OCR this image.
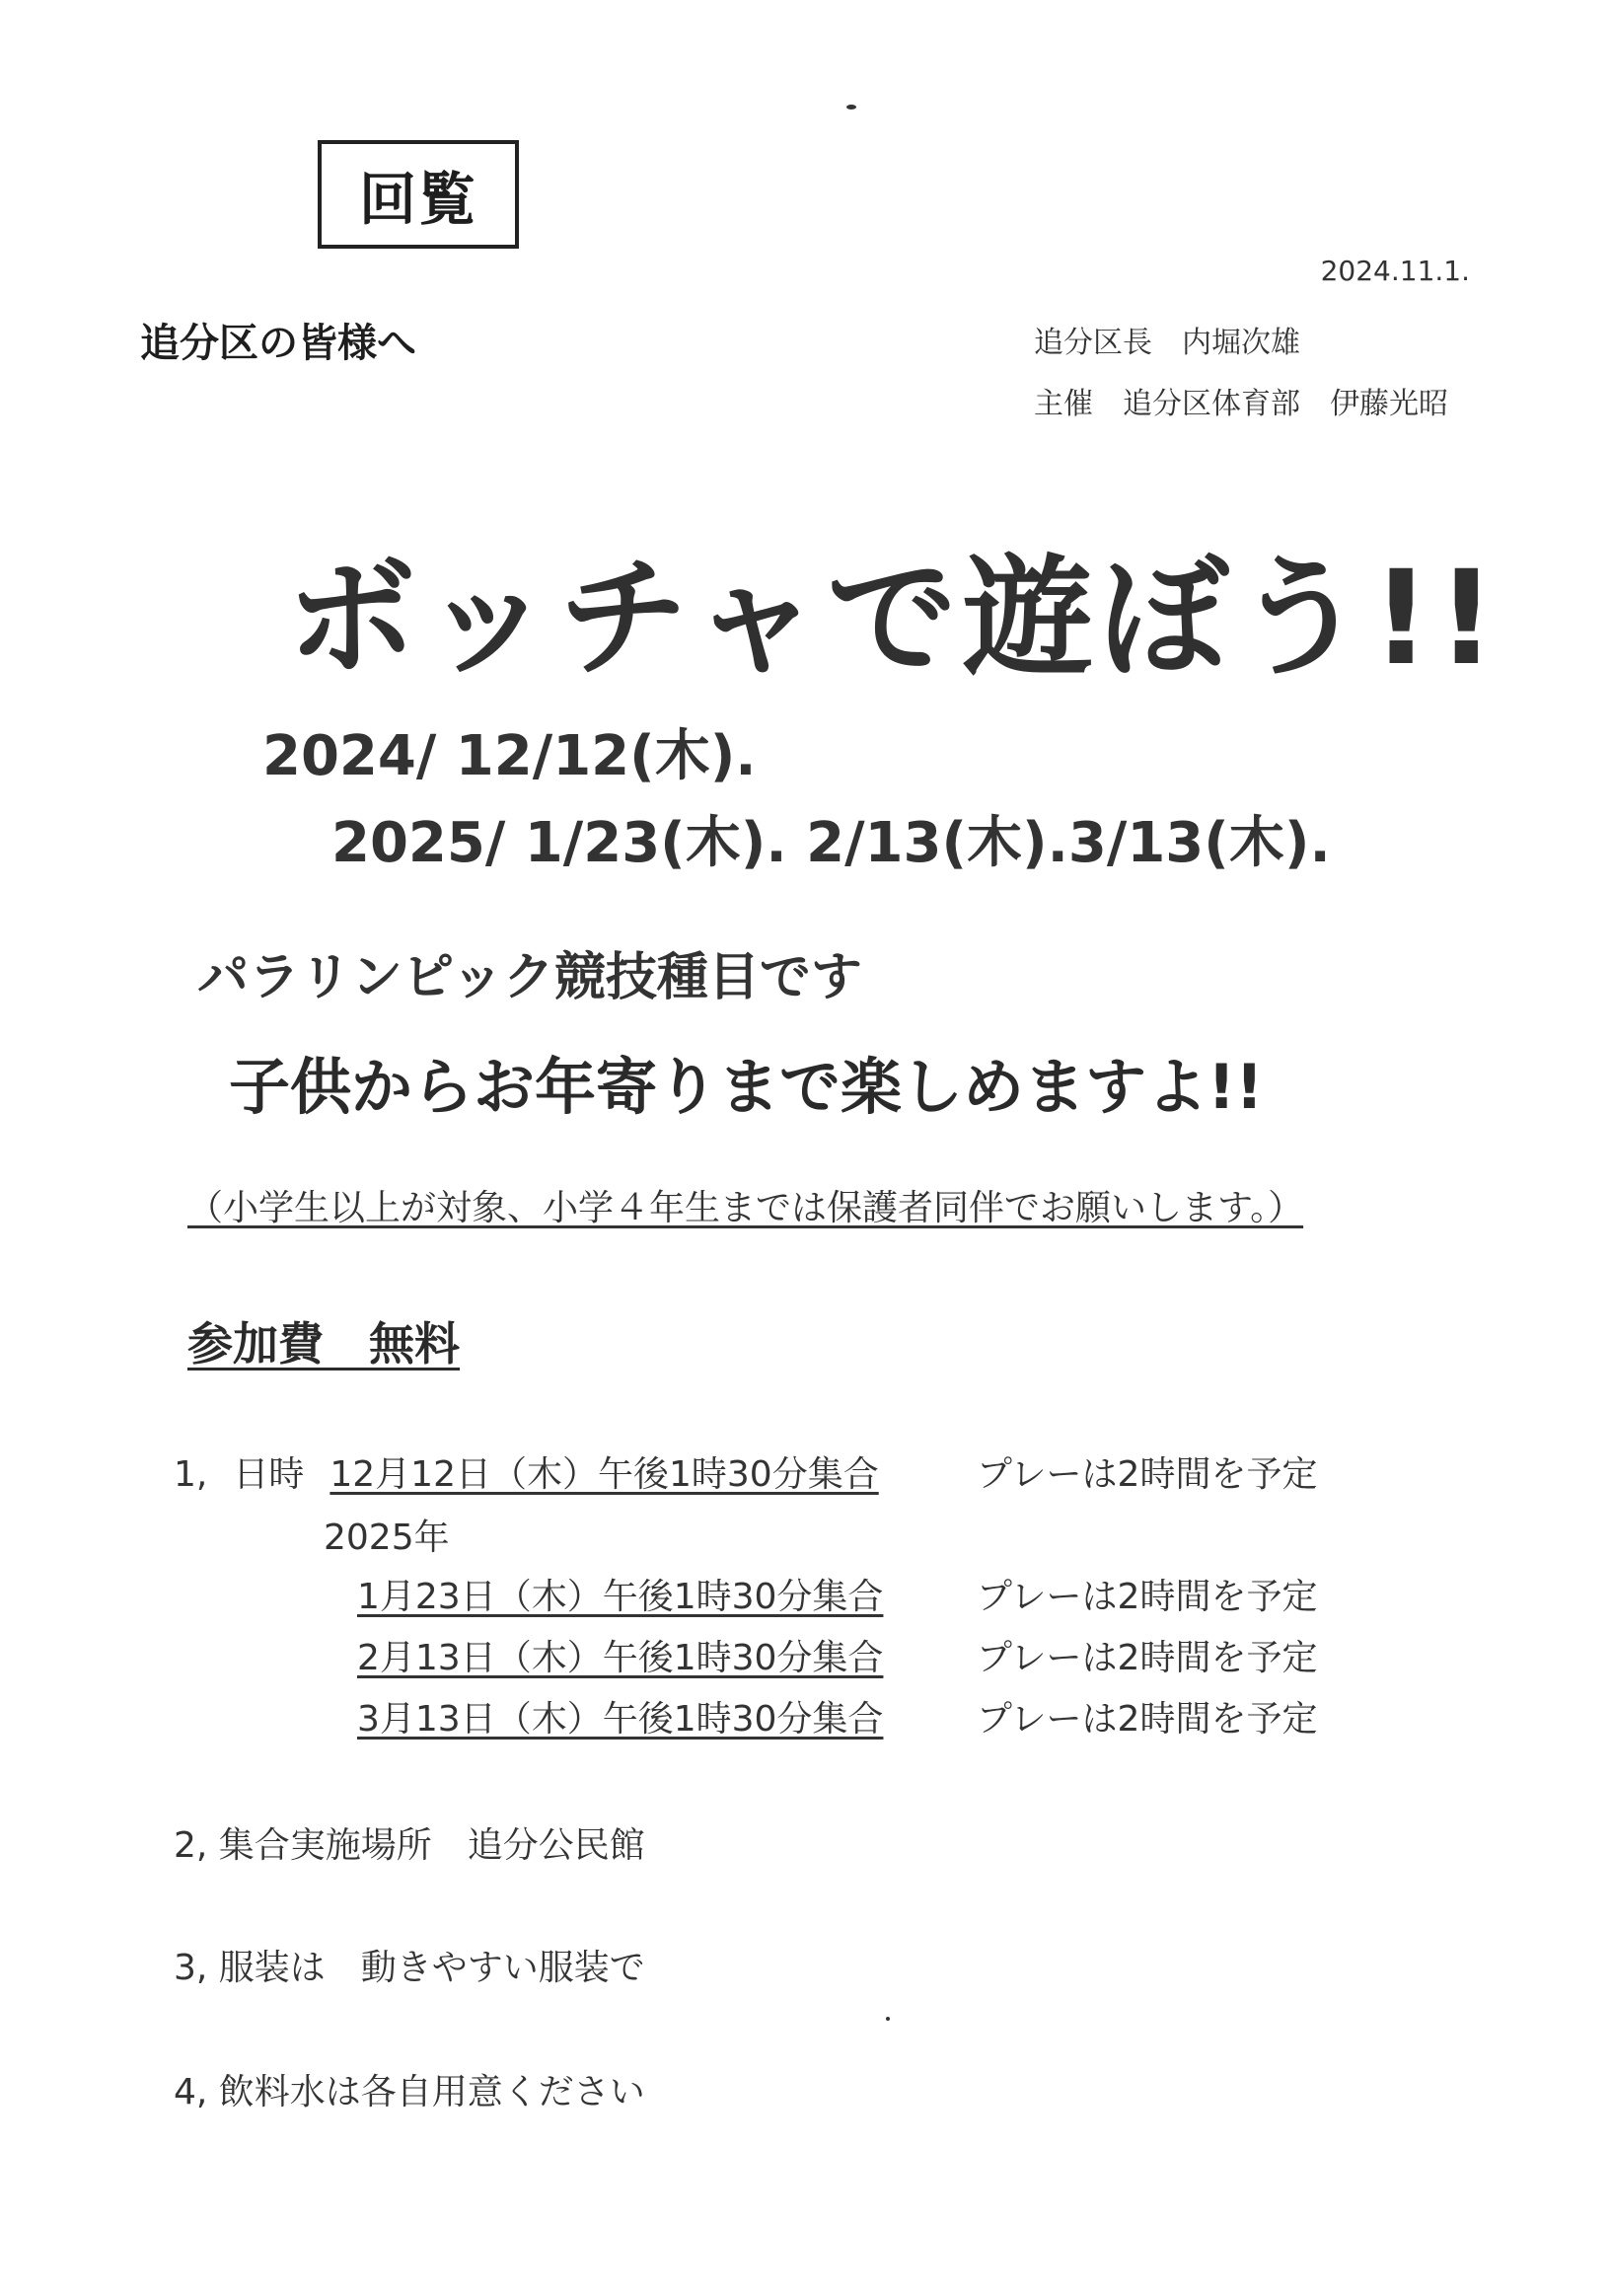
回覧
2024.11.1.
追分区の皆様へ	追分区長　内堀次雄
主催　追分区体育部　伊藤光昭
ボッチャで遊ぼう!!
2024/ 12/12(木).
2025/ 1/23(木). 2/13(木).3/13(木).
パラリンピック競技種目です
子供からお年寄りまで楽しめますよ!!
（小学生以上が対象、小学４年生までは保護者同伴でお願いします。）
参加費　無料
1, 日時 12月12日（木）午後1時30分集合	プレーは2時間を予定
2025年
1月23日（木）午後1時30分集合	プレーは2時間を予定
2月13日（木）午後1時30分集合	プレーは2時間を予定
3月13日（木）午後1時30分集合	プレーは2時間を予定
2, 集合実施場所　追分公民館
3, 服装は　動きやすい服装で
4, 飲料水は各自用意ください
